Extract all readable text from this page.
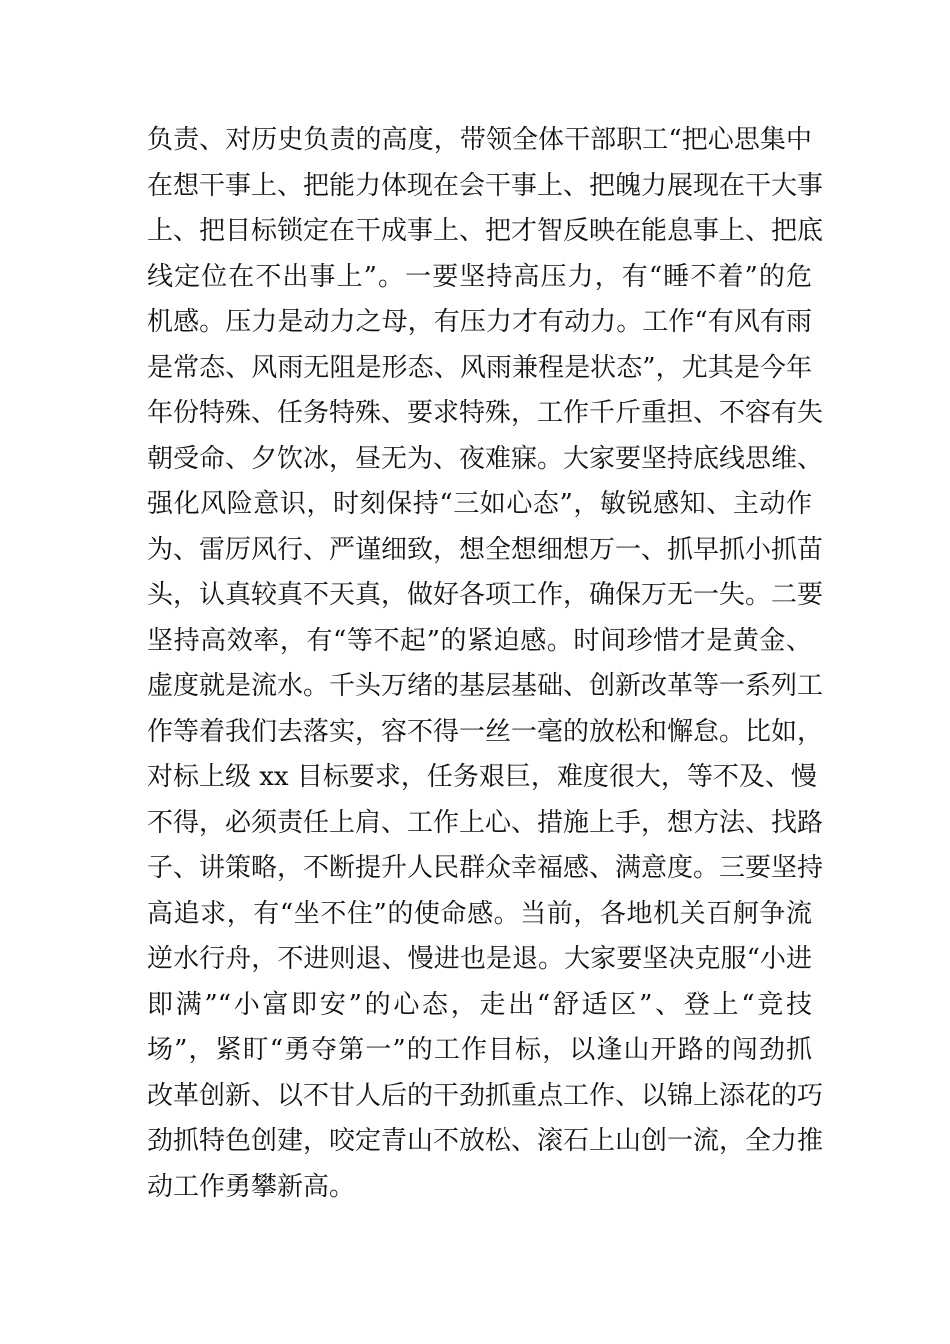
负责、对历史负责的高度，带领全体干部职工“把心思集中
在想干事上、把能力体现在会干事上、把魄力展现在干大事
上、把目标锁定在干成事上、把才智反映在能息事上、把底
线定位在不出事上”。一要坚持高压力，有“睡不着”的危
机感。压力是动力之母，有压力才有动力。工作“有风有雨
是常态、风雨无阻是形态、风雨兼程是状态”，尤其是今年
年份特殊、任务特殊、要求特殊，工作千斤重担、不容有失
朝受命、夕饮冰，昼无为、夜难寐。大家要坚持底线思维、
强化风险意识，时刻保持“三如心态”，敏锐感知、主动作
为、雷厉风行、严谨细致，想全想细想万一、抓早抓小抓苗
头，认真较真不天真，做好各项工作，确保万无一失。二要
坚持高效率，有“等不起”的紧迫感。时间珍惜才是黄金、
虚度就是流水。千头万绪的基层基础、创新改革等一系列工
作等着我们去落实，容不得一丝一毫的放松和懈怠。比如，
对标上级 xx 目标要求，任务艰巨，难度很大，等不及、慢
不得，必须责任上肩、工作上心、措施上手，想方法、找路
子、讲策略，不断提升人民群众幸福感、满意度。三要坚持
高追求，有“坐不住”的使命感。当前，各地机关百舸争流
逆水行舟，不进则退、慢进也是退。大家要坚决克服“小进
即满”“小富即安”的心态，走出“舒适区”、登上“竞技
场”，紧盯“勇夺第一”的工作目标，以逢山开路的闯劲抓
改革创新、以不甘人后的干劲抓重点工作、以锦上添花的巧
劲抓特色创建，咬定青山不放松、滚石上山创一流，全力推
动工作勇攀新高。
